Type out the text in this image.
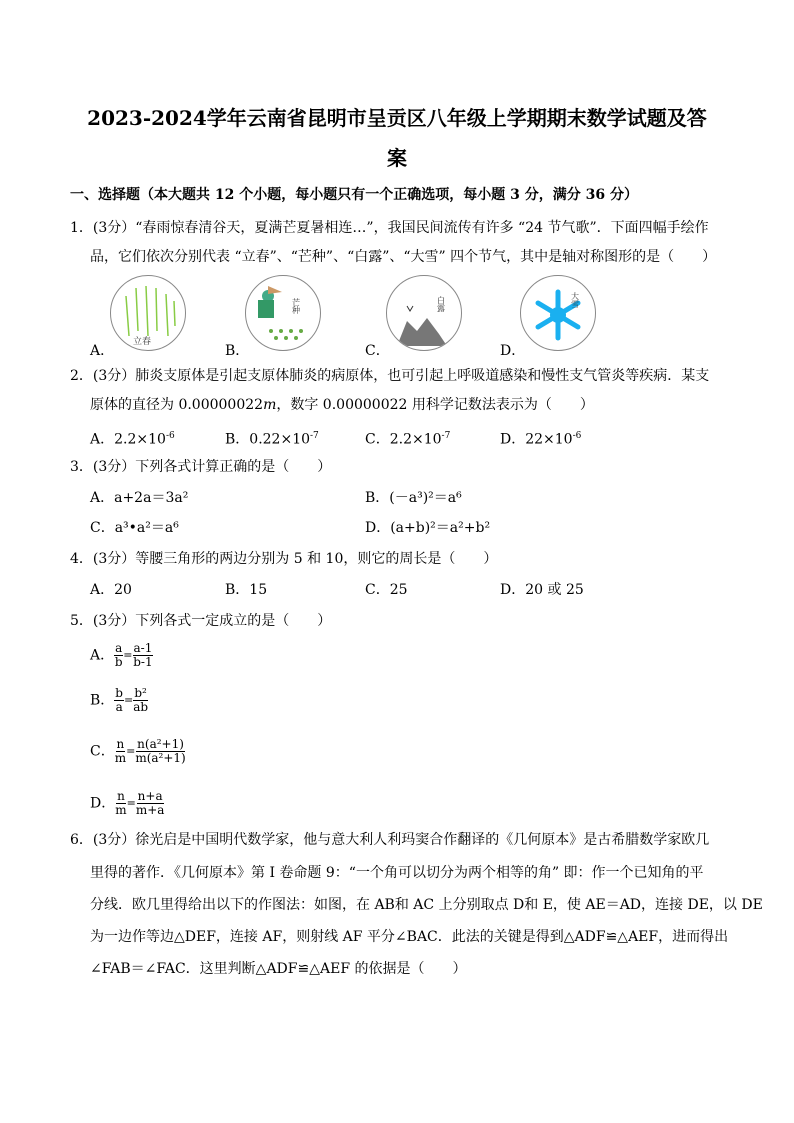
2023-2024学年云南省昆明市呈贡区八年级上学期期末数学试题及答
案
一、选择题（本大题共 12 个小题，每小题只有一个正确选项，每小题 3 分，满分 36 分）
1．(3分）“春雨惊春清谷天，夏满芒夏暑相连…”，我国民间流传有许多 “24 节气歌”．下面四幅手绘作
品，它们依次分别代表 “立春”、“芒种”、“白露”、“大雪” 四个节气，其中是轴对称图形的是（　　）
立春
芒种	白露	大雪
A．	B．	C．	D．
2．(3分）肺炎支原体是引起支原体肺炎的病原体，也可引起上呼吸道感染和慢性支气管炎等疾病．某支
原体的直径为 0.00000022m，数字 0.00000022 用科学记数法表示为（　　）
A．$2.2\times 10^{-6}$	B．$0.22\times 10^{-7}$	C．$2.2\times 10^{-7}$	D．$22\times 10^{-6}$
3．(3分）下列各式计算正确的是（　　）
A．a+2a＝3a²	B．(－a³)²＝a⁶
C．a³•a²＝a⁶	D．(a+b)²＝a²+b²
4．(3分）等腰三角形的两边分别为 5 和 10，则它的周长是（　　）
A．20	B．15	C．25	D．20 或 25
5．(3分）下列各式一定成立的是（　　）
A． $\frac{a}{b} = \frac{a-1}{b-1}$
B． $\frac{b}{a} = \frac{\text{b²}}{ab}$
C． $\frac{n}{m} = \frac{\text{n(a²+1)}}{\text{m(a²+1)}}$
D． $\frac{n}{m} = \frac{n+a}{m+a}$
6．(3分）徐光启是中国明代数学家，他与意大利人利玛窦合作翻译的《几何原本》是古希腊数学家欧几
里得的著作．《几何原本》第 I 卷命题 9：“一个角可以切分为两个相等的角” 即：作一个已知角的平
分线．欧几里得给出以下的作图法：如图，在 AB和 AC 上分别取点 D和 E，使 AE＝AD，连接 DE，以 DE
为一边作等边△DEF，连接 AF，则射线 AF 平分∠BAC．此法的关键是得到△ADF≌△AEF，进而得出
∠FAB＝∠FAC．这里判断△ADF≌△AEF 的依据是（　　）
